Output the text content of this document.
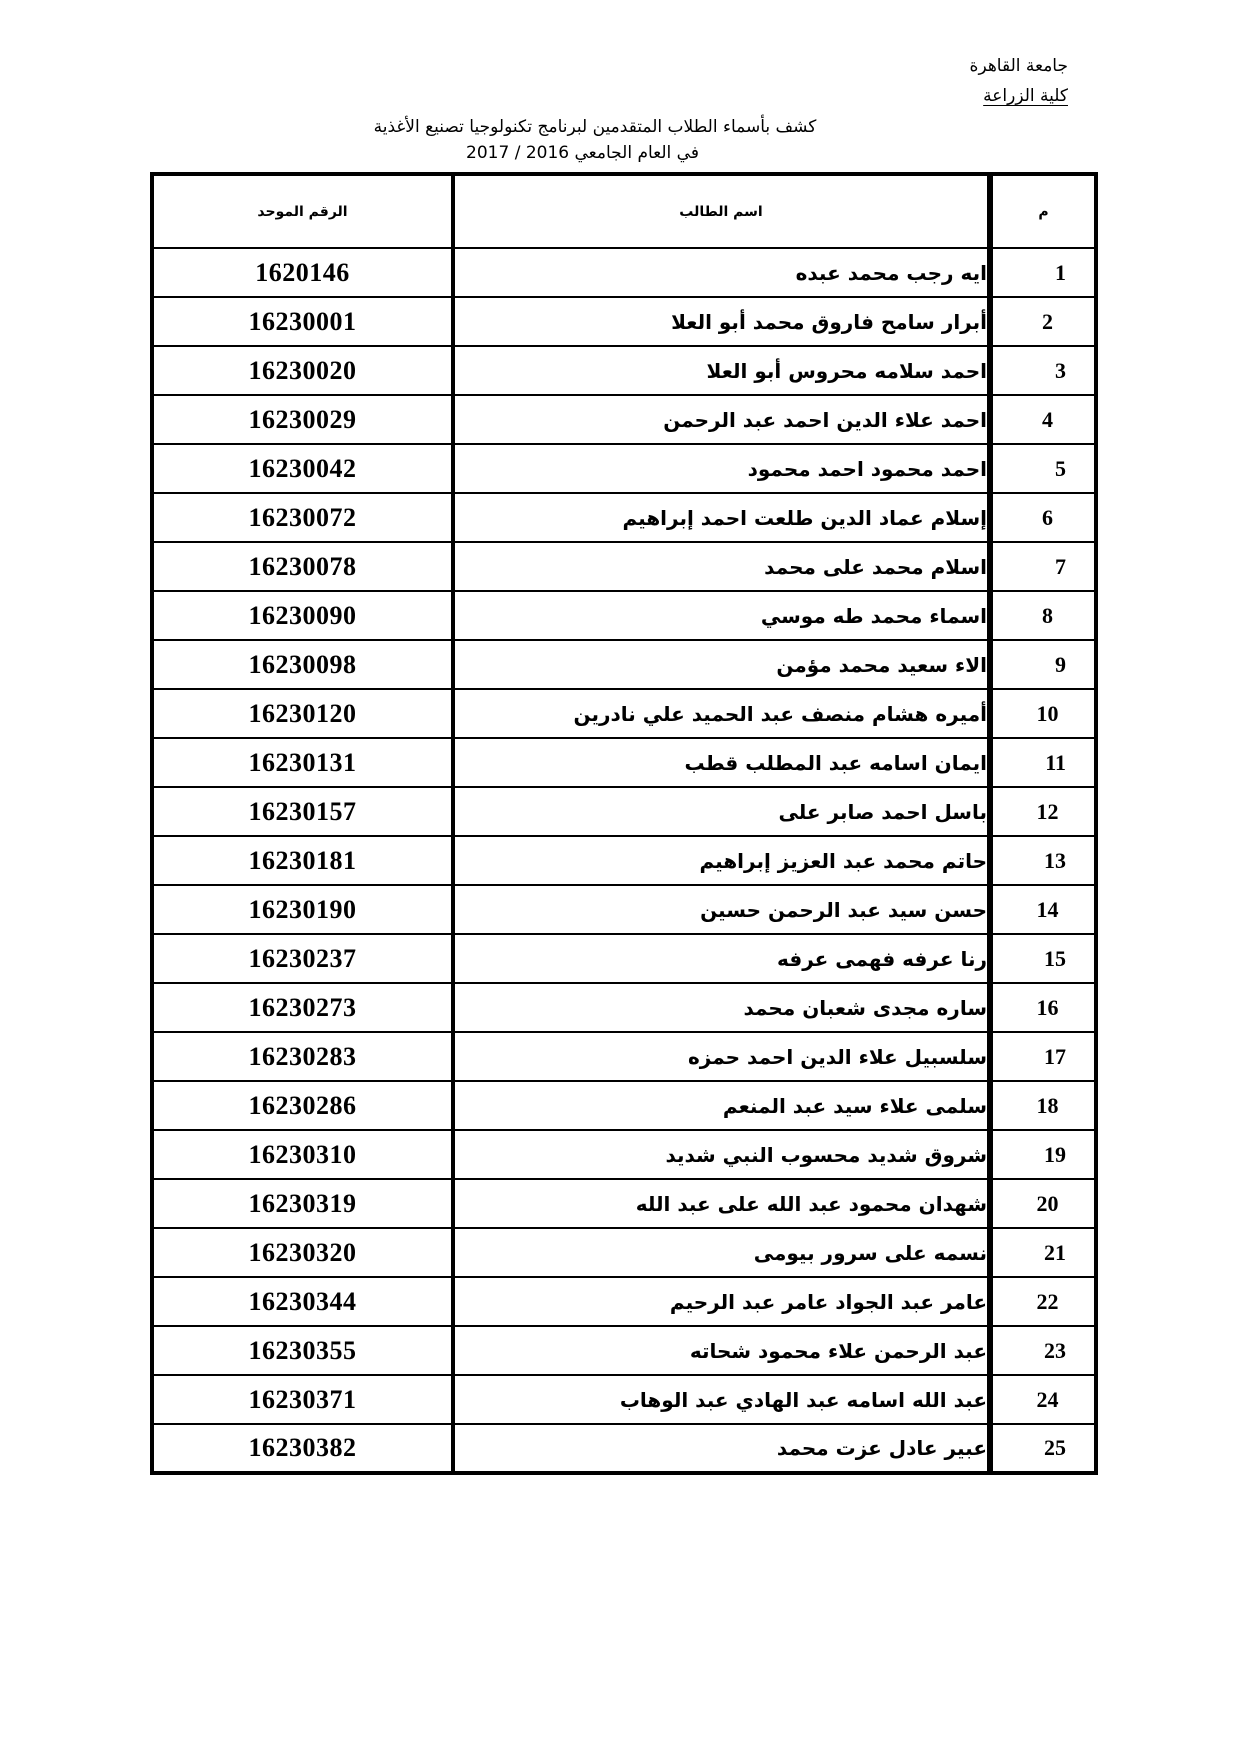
جامعة القاهرة
كلية الزراعة
كشف بأسماء الطلاب المتقدمين لبرنامج تكنولوجيا تصنيع الأغذية
في العام الجامعي 2016 / 2017
م	اسم الطالب	الرقم الموحد

1	ايه رجب محمد عبده	1620146

2	أبرار سامح فاروق محمد أبو العلا	16230001

3	احمد سلامه محروس أبو العلا	16230020

4	احمد علاء الدين احمد عبد الرحمن	16230029

5	احمد محمود احمد محمود	16230042

6	إسلام عماد الدين طلعت احمد إبراهيم	16230072

7	اسلام محمد على محمد	16230078

8	اسماء محمد طه موسي	16230090

9	الاء سعيد محمد مؤمن	16230098

10	أميره هشام منصف عبد الحميد علي نادرين	16230120

11	ايمان اسامه عبد المطلب قطب	16230131

12	باسل احمد صابر على	16230157

13	حاتم محمد عبد العزيز إبراهيم	16230181

14	حسن سيد عبد الرحمن حسين	16230190

15	رنا عرفه فهمى عرفه	16230237

16	ساره مجدى شعبان محمد	16230273

17	سلسبيل علاء الدين احمد حمزه	16230283

18	سلمى علاء سيد عبد المنعم	16230286

19	شروق شديد محسوب النبي شديد	16230310

20	شهدان محمود عبد الله على عبد الله	16230319

21	نسمه على سرور بيومى	16230320

22	عامر عبد الجواد عامر عبد الرحيم	16230344

23	عبد الرحمن علاء محمود شحاته	16230355

24	عبد الله اسامه عبد الهادي عبد الوهاب	16230371

25	عبير عادل عزت محمد	16230382
